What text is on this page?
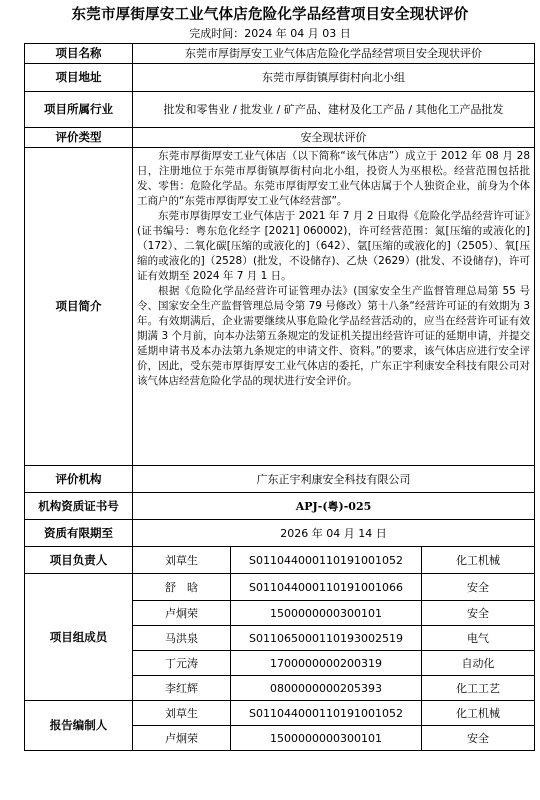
东莞市厚街厚安工业气体店危险化学品经营项目安全现状评价
完成时间：2024 年 04 月 03 日
项目名称	东莞市厚街厚安工业气体店危险化学品经营项目安全现状评价		
项目地址	东莞市厚街镇厚街村向北小组		
项目所属行业	批发和零售业 / 批发业 / 矿产品、建材及化工产品 / 其他化工产品批发		
评价类型	安全现状评价		
项目简介	东莞市厚街厚安工业气体店（以下简称“该气体店”）成立于 2012 年 08 月 28 日，注册地位于东莞市厚街镇厚街村向北小组，投资人为巫根松。经营范围包括批发、零售：危险化学品。东莞市厚街厚安工业气体店属于个人独资企业，前身为个体工商户的“东莞市厚街厚安工业气体经营部”。

东莞市厚街厚安工业气体店于 2021 年 7 月 2 日取得《危险化学品经营许可证》(证书编号：粤东危化经字 [2021] 060002)，许可经营范围：氮[压缩的或液化的]（172）、二氧化碳[压缩的或液化的]（642）、氩[压缩的或液化的]（2505）、氧[压缩的或液化的]（2528）(批发，不设储存)、乙炔（2629）(批发、不设储存)，许可证有效期至 2024 年 7 月 1 日。

根据《危险化学品经营许可证管理办法》(国家安全生产监督管理总局第 55 号令、国家安全生产监督管理总局令第 79 号修改）第十八条“经营许可证的有效期为 3 年。有效期满后，企业需要继续从事危险化学品经营活动的，应当在经营许可证有效期满 3 个月前，向本办法第五条规定的发证机关提出经营许可证的延期申请，并提交延期申请书及本办法第九条规定的申请文件、资料。”的要求，该气体店应进行安全评价，因此，受东莞市厚街厚安工业气体店的委托，广东正宇利康安全科技有限公司对该气体店经营危险化学品的现状进行安全评价。		

评价机构	广东正宇利康安全科技有限公司		
机构资质证书号	APJ-(粤)-025		
资质有限期至	2026 年 04 月 14 日		
项目负责人	刘草生	S011044000110191001052	化工机械
项目组成员	舒　晗	S011044000110191001066	安全
	卢炯荣	1500000000300101	安全
	马洪泉	S011065000110193002519	电气
	丁元涛	1700000000200319	自动化
	李红辉	0800000000205393	化工工艺
报告编制人	刘草生	S011044000110191001052	化工机械
	卢炯荣	1500000000300101	安全
